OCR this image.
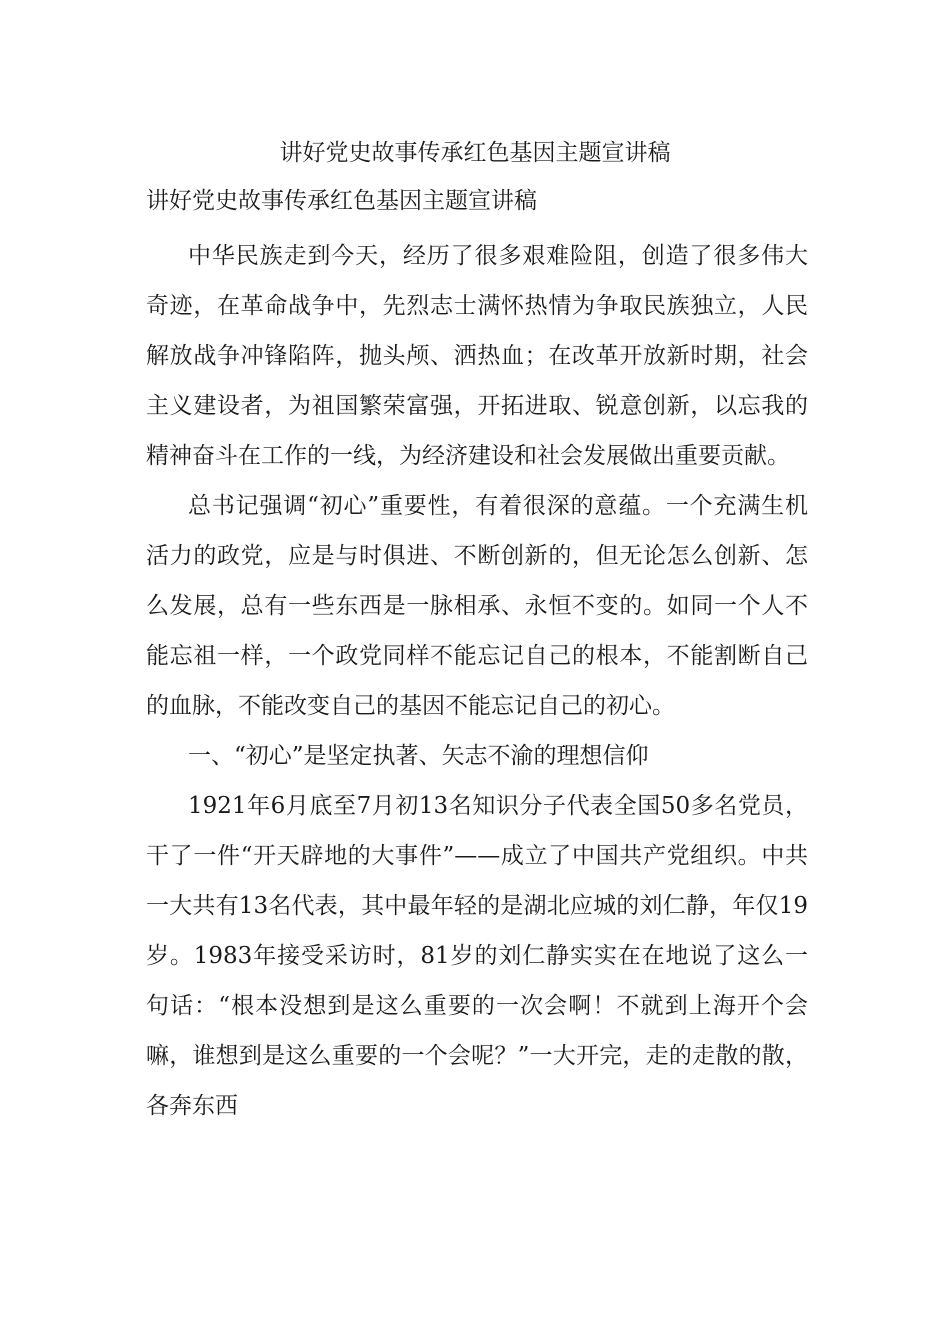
讲好党史故事传承红色基因主题宣讲稿
讲好党史故事传承红色基因主题宣讲稿

中华民族走到今天，经历了很多艰难险阻，创造了很多伟大奇迹，在革命战争中，先烈志士满怀热情为争取民族独立，人民解放战争冲锋陷阵，抛头颅、洒热血；在改革开放新时期，社会主义建设者，为祖国繁荣富强，开拓进取、锐意创新，以忘我的精神奋斗在工作的一线，为经济建设和社会发展做出重要贡献。

总书记强调“初心”重要性，有着很深的意蕴。一个充满生机活力的政党，应是与时俱进、不断创新的，但无论怎么创新、怎么发展，总有一些东西是一脉相承、永恒不变的。如同一个人不能忘祖一样，一个政党同样不能忘记自己的根本，不能割断自己的血脉，不能改变自己的基因不能忘记自己的初心。

一、“初心”是坚定执著、矢志不渝的理想信仰

1921年6月底至7月初13名知识分子代表全国50多名党员，干了一件“开天辟地的大事件”——成立了中国共产党组织。中共一大共有13名代表，其中最年轻的是湖北应城的刘仁静，年仅19岁。1983年接受采访时，81岁的刘仁静实实在在地说了这么一句话：“根本没想到是这么重要的一次会啊！不就到上海开个会嘛，谁想到是这么重要的一个会呢？”一大开完，走的走散的散，各奔东西
